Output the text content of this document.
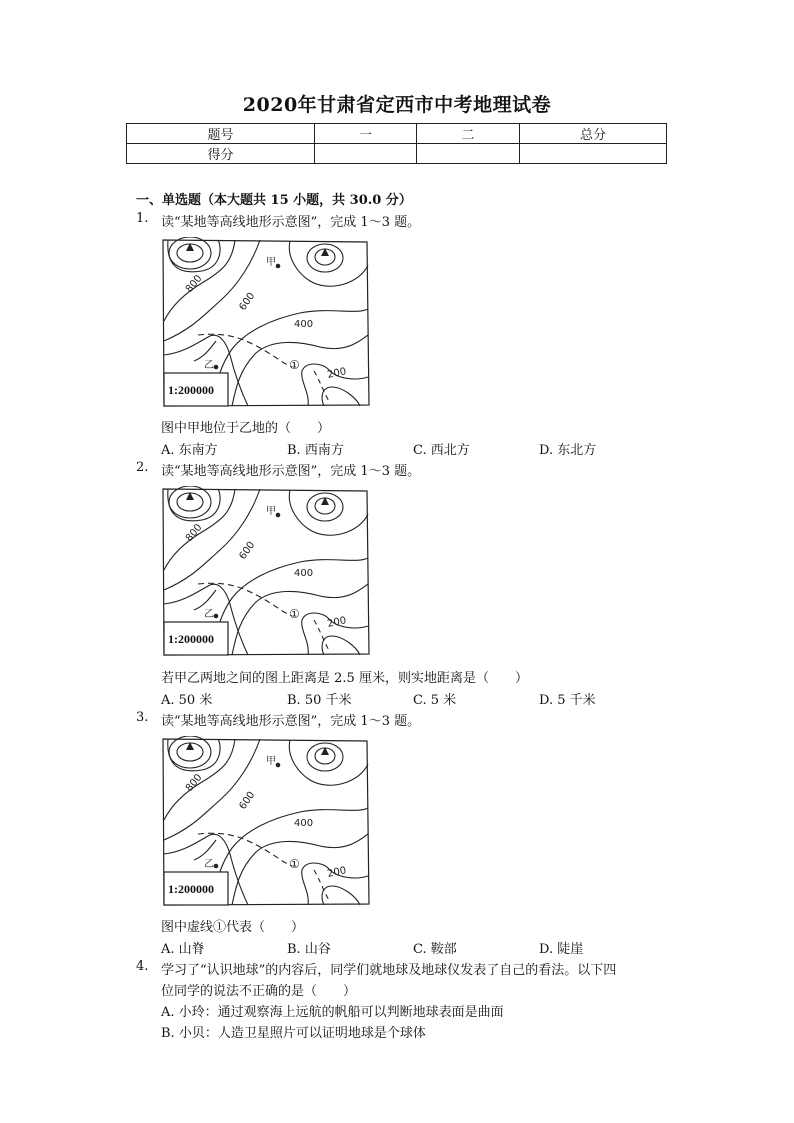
2020年甘肃省定西市中考地理试卷
题号	一	二	总分
得分			
一、单选题（本大题共 15 小题，共 30.0 分）
1. 读“某地等高线地形示意图”，完成 1～3 题。
甲
乙	①
800
600
400
200
1:200000
图中甲地位于乙地的（　　）
A. 东南方	B. 西南方	C. 西北方	D. 东北方
2. 读“某地等高线地形示意图”，完成 1～3 题。
甲
乙	①
800
600
400
200
1:200000
若甲乙两地之间的图上距离是 2.5 厘米，则实地距离是（　　）
A. 50 米	B. 50 千米	C. 5 米	D. 5 千米
3. 读“某地等高线地形示意图”，完成 1～3 题。
甲
乙	①
800
600
400
200
1:200000
图中虚线①代表（　　）
A. 山脊	B. 山谷	C. 鞍部	D. 陡崖
4. 学习了“认识地球”的内容后，同学们就地球及地球仪发表了自己的看法。以下四
位同学的说法不正确的是（　　）
A. 小玲：通过观察海上远航的帆船可以判断地球表面是曲面
B. 小贝：人造卫星照片可以证明地球是个球体
